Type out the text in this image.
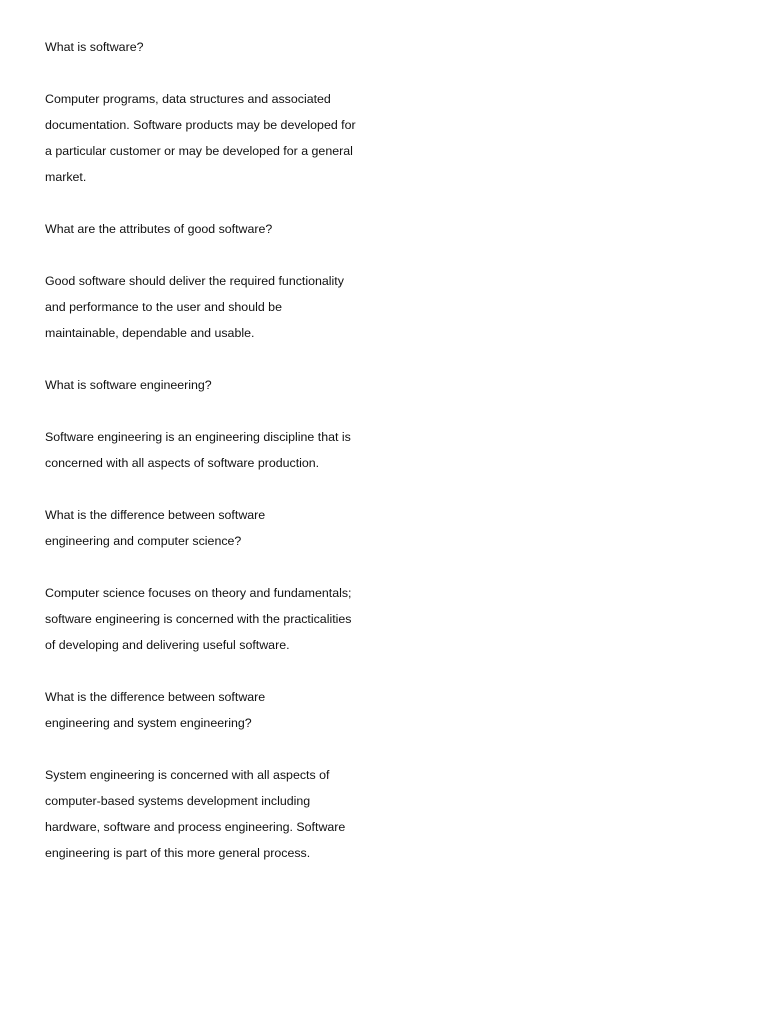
What is software?
Computer programs, data structures and associated
documentation. Software products may be developed for
a particular customer or may be developed for a general
market.
What are the attributes of good software?
Good software should deliver the required functionality
and performance to the user and should be
maintainable, dependable and usable.
What is software engineering?
Software engineering is an engineering discipline that is
concerned with all aspects of software production.
What is the difference between software
engineering and computer science?
Computer science focuses on theory and fundamentals;
software engineering is concerned with the practicalities
of developing and delivering useful software.
What is the difference between software
engineering and system engineering?
System engineering is concerned with all aspects of
computer-based systems development including
hardware, software and process engineering. Software
engineering is part of this more general process.
